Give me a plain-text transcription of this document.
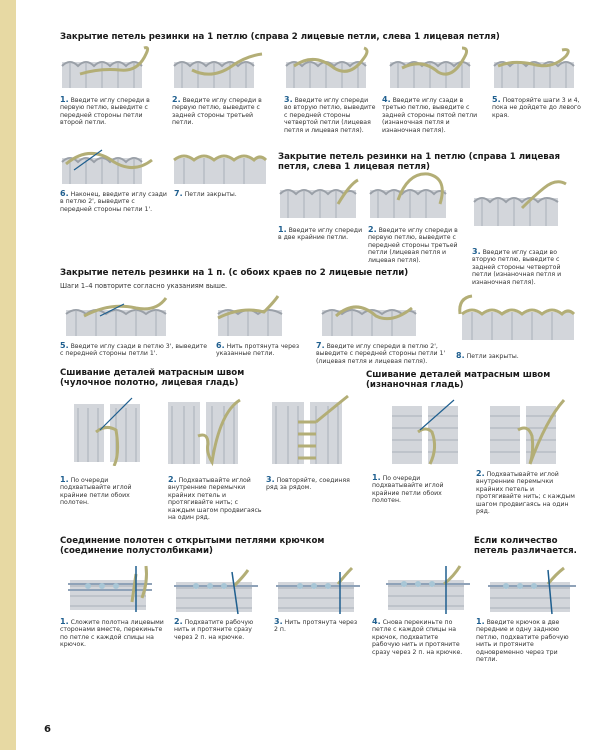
Закрытие петель резинки на 1 петлю (справа 2 лицевые петли, слева 1 лицевая петля)
1. Введите иглу спереди в первую петлю, выведите с передней стороны петли второй петли.
2. Введите иглу спереди в первую петлю, выведите с задней стороны третьей петли.
3. Введите иглу спереди во вторую петлю, выведите с передней стороны четвертой петли (лицевая петля и лицевая петля).
4. Введите иглу сзади в третью петлю, выведите с задней стороны пятой петли (изнаночная петля и изнаночная петля).
5. Повторяйте шаги 3 и 4, пока не дойдете до левого края.
6. Наконец, введите иглу сзади в петлю 2', выведите с передней стороны петли 1'.
7. Петли закрыты.
Закрытие петель резинки на 1 петлю (справа 1 лицевая петля, слева 1 лицевая петля)
1. Введите иглу спереди в две крайние петли.
2. Введите иглу спереди в первую петлю, выведите с передней стороны третьей петли (лицевая петля и лицевая петля).
3. Введите иглу сзади во вторую петлю, выведите с задней стороны четвертой петли (изнаночная петля и изнаночная петля).
Закрытие петель резинки на 1 п. (с обоих краев по 2 лицевые петли)
Шаги 1–4 повторите согласно указаниям выше.
5. Введите иглу сзади в петлю 3', выведите с передней стороны петли 1'.
6. Нить протянута через указанные петли.
7. Введите иглу спереди в петлю 2', выведите с передней стороны петли 1' (лицевая петля и лицевая петля).
8. Петли закрыты.
Сшивание деталей матрасным швом
(чулочное полотно, лицевая гладь)
1. По очереди подхватывайте иглой крайние петли обоих полотен.
2. Подхватывайте иглой внутренние перемычки крайних петель и протягивайте нить; с каждым шагом продвигаясь на один ряд.
3. Повторяйте, соединяя ряд за рядом.
Сшивание деталей матрасным швом
(изнаночная гладь)
1. По очереди подхватывайте иглой крайние петли обоих полотен.
2. Подхватывайте иглой внутренние перемычки крайних петель и протягивайте нить; с каждым шагом продвигаясь на один ряд.
Соединение полотен с открытыми петлями крючком
(соединение полустолбиками)
1. Сложите полотна лицевыми сторонами вместе, перекиньте по петле с каждой спицы на крючок.
2. Подхватите рабочую нить и протяните сразу через 2 п. на крючке.
3. Нить протянута через 2 п.
4. Снова перекиньте по петле с каждой спицы на крючок, подхватите рабочую нить и протяните сразу через 2 п. на крючке.
Если количество
петель различается.
1. Введите крючок в две передние и одну заднюю петлю, подхватите рабочую нить и протяните одновременно через три петли.
6
